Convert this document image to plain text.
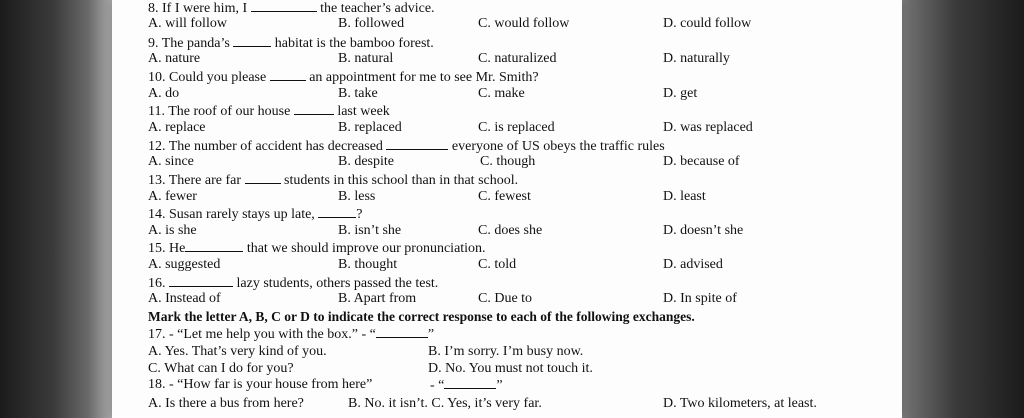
8. If I were him, I	the teacher’s advice.
A. will follow	B. followed	C. would follow	D. could follow
9. The panda’s	habitat is the bamboo forest.
A. nature	B. natural	C. naturalized	D. naturally
10. Could you please	an appointment for me to see Mr. Smith?
A. do	B. take	C. make	D. get
11. The roof of our house	last week
A. replace	B. replaced	C. is replaced	D. was replaced
12. The number of accident has decreased	everyone of US obeys the traffic rules
A. since	B. despite	C. though	D. because of
13. There are far	students in this school than in that school.
A. fewer	B. less	C. fewest	D. least
14. Susan rarely stays up late,	?
A. is she	B. isn’t she	C. does she	D. doesn’t she
15. He	that we should improve our pronunciation.
A. suggested	B. thought	C. told	D. advised
16.	lazy students, others passed the test.
A. Instead of	B. Apart from	C. Due to	D. In spite of
Mark the letter A, B, C or D to indicate the correct response to each of the following exchanges.
17. - “Let me help you with the box.” - “	”
A. Yes. That’s very kind of you.	B. I’m sorry. I’m busy now.
C. What can I do for you?	D. No. You must not touch it.
18. - “How far is your house from here”	- “	”
A. Is there a bus from here?	B. No. it isn’t. C. Yes, it’s very far.	D. Two kilometers, at least.
